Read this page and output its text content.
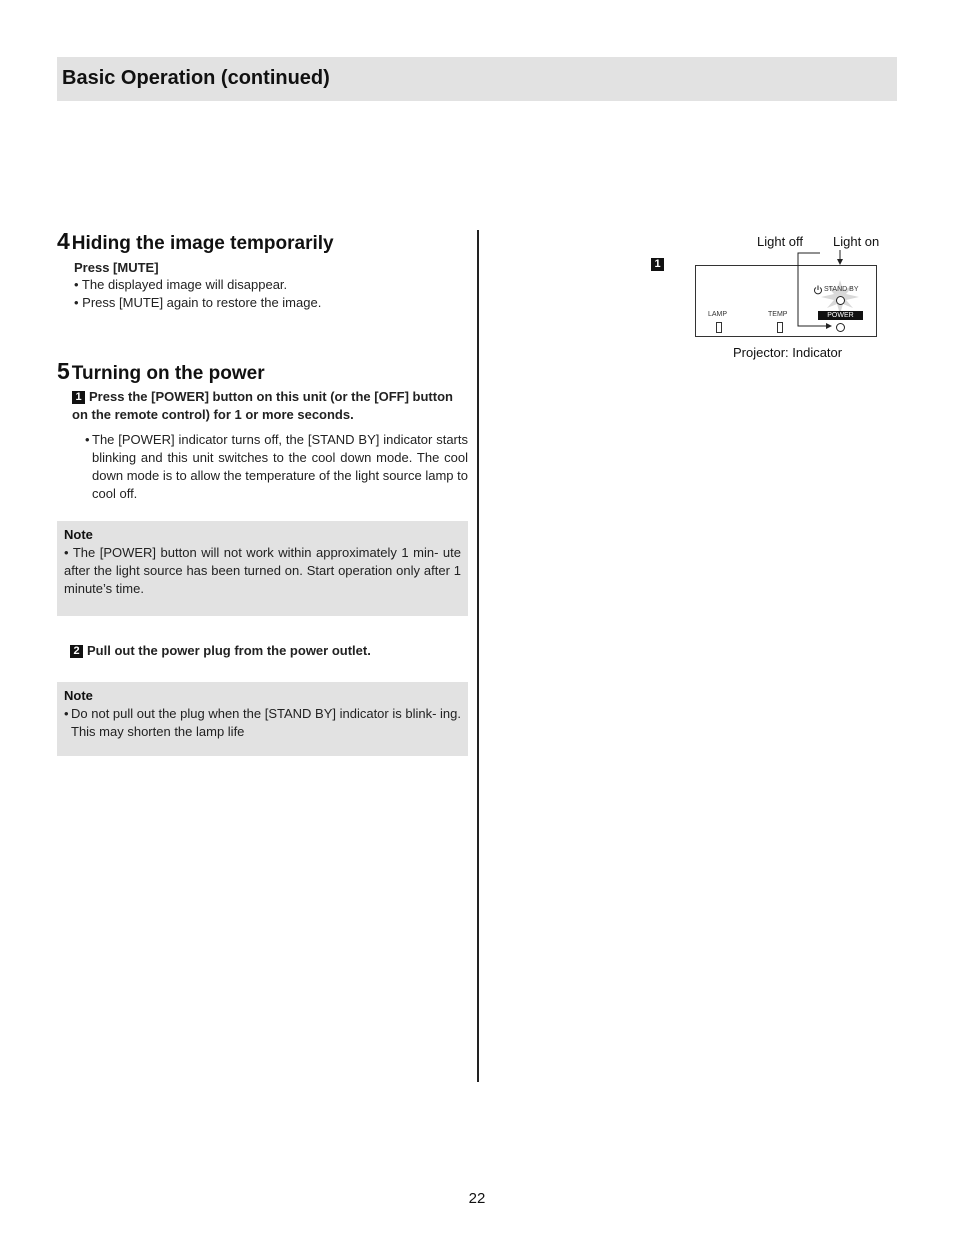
Basic Operation (continued)
4 Hiding the image temporarily
Press [MUTE]
• The displayed image will disappear.
• Press [MUTE] again to restore the image.
5 Turning on the power
1 Press the [POWER] button on this unit (or the [OFF] button on the remote control) for 1 or more seconds.
• The [POWER] indicator turns off, the [STAND BY] indicator starts blinking and this unit switches to the cool down mode. The cool down mode is to allow the temperature of the light source lamp to cool off.
Note
• The [POWER] button will not work within approximately 1 min- ute after the light source has been turned on. Start operation only after 1 minute’s time.
2 Pull out the power plug from the power outlet.
Note
• Do not pull out the plug when the [STAND BY] indicator is blink- ing. This may shorten the lamp life
1
Light off Light on
STAND BY
POWER
LAMP	TEMP
Projector: Indicator
22
